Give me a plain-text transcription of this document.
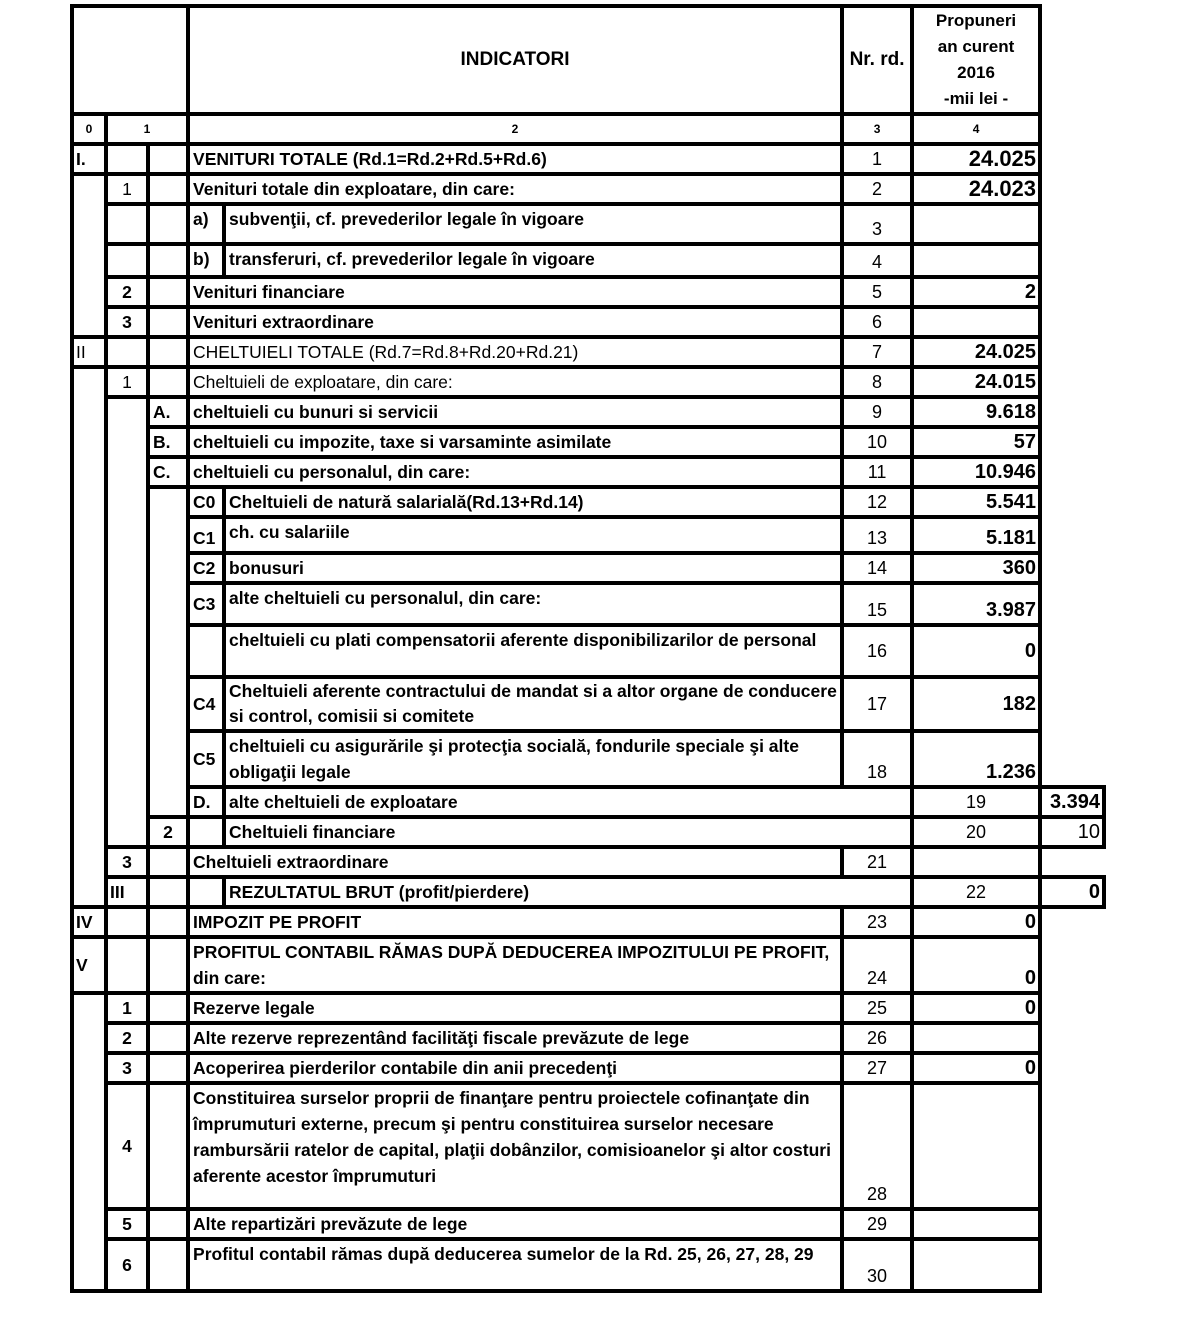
			INDICATORI		Nr. rd.	Propuneri
an curent
2016
-mii lei -	

0	1		2		3	4	
I.			VENITURI TOTALE (Rd.1=Rd.2+Rd.5+Rd.6)		1	24.025	
	1		Venituri totale din exploatare, din care:		2	24.023	
			a)	subvenţii, cf. prevederilor legale în vigoare	3		
			b)	transferuri, cf. prevederilor legale în vigoare	4		
	2		Venituri financiare		5	2	
	3		Venituri extraordinare		6		
II			CHELTUIELI TOTALE (Rd.7=Rd.8+Rd.20+Rd.21)		7	24.025	
	1		Cheltuieli de exploatare, din care:		8	24.015	
		A.	cheltuieli cu bunuri si servicii		9	9.618	
		B.	cheltuieli cu impozite, taxe si varsaminte asimilate		10	57	
		C.	cheltuieli cu personalul, din care:		11	10.946	
			C0	Cheltuieli de natură salarială(Rd.13+Rd.14)	12	5.541	
			C1	ch. cu salariile	13	5.181	
			C2	bonusuri	14	360	
			C3	alte cheltuieli cu personalul, din care:	15	3.987	
				cheltuieli cu plati compensatorii aferente disponibilizarilor de personal	16	0	
			C4	Cheltuieli aferente contractului de mandat si a altor organe de conducere si control, comisii si comitete	17	182	
			C5	cheltuieli cu asigurările şi protecţia socială, fondurile speciale şi alte obligaţii legale	18	1.236	
			D.	alte cheltuieli de exploatare		19	3.394
		2		Cheltuieli financiare		20	10
	3		Cheltuieli extraordinare		21		
	III			REZULTATUL BRUT (profit/pierdere)		22	0
IV			IMPOZIT PE PROFIT		23	0	
V			PROFITUL CONTABIL RĂMAS DUPĂ DEDUCEREA IMPOZITULUI PE PROFIT, din care:		24	0	
	1		Rezerve legale		25	0	
	2		Alte rezerve reprezentând facilităţi fiscale prevăzute de lege		26		
	3		Acoperirea pierderilor contabile din anii precedenţi		27	0	
	4		Constituirea surselor proprii de finanţare pentru proiectele cofinanţate din împrumuturi externe, precum şi pentru constituirea surselor necesare rambursării ratelor de capital, plaţii dobânzilor, comisioanelor şi altor costuri aferente acestor împrumuturi		28		
	5		Alte repartizări prevăzute de lege		29		
	6		Profitul contabil rămas după deducerea sumelor de la Rd. 25, 26, 27, 28, 29		30		
